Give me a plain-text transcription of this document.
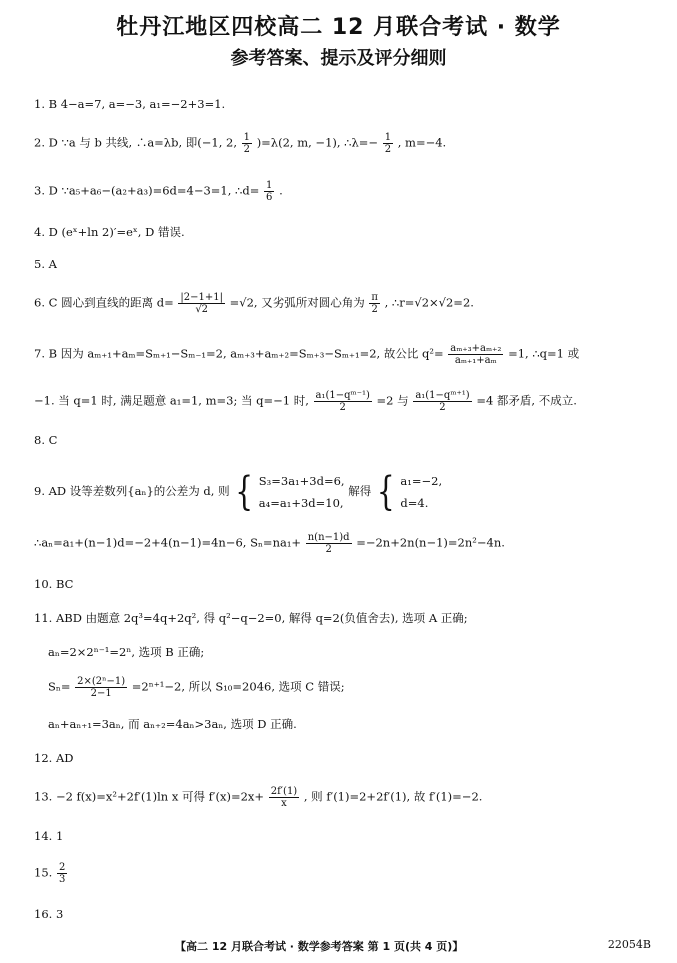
牡丹江地区四校高二 12 月联合考试 · 数学
参考答案、提示及评分细则
1. B 4−a=7, a=−3, a₁=−2+3=1.
2. D ∵a 与 b 共线, ∴a=λb, 即(−1, 2, $\frac{1}{2} )=\lambda(2$, m, −1), ∴λ=− $\frac{1}{2}$ , m=−4.
3. D ∵a₅+a₆−(a₂+a₃)=6d=4−3=1, ∴d= $\frac{1}{6}$ .
4. D (eˣ+ln 2)′=eˣ, D 错误.
5. A
6. C 圆心到直线的距离 $d= \frac{|2-1+1|}{√2} =√2$, 又劣弧所对圆心角为 $\frac{\pi}{2}$ , ∴r=√2×√2=2.
7. B 因为 aₘ₊₁+aₘ=Sₘ₊₁−Sₘ₋₁=2, aₘ₊₃+aₘ₊₂=Sₘ₊₃−Sₘ₊₁=2, 故公比 $q^2= \frac{\text{aₘ₊₃+aₘ₊₂}}{\text{aₘ₊₁+aₘ}} =1$, ∴q=1 或
−1. 当 q=1 时, 满足题意 a₁=1, m=3; 当 q=−1 时, $\frac{\text{a₁(1−qᵐ⁻¹)}}{2} =2$ 与 $\frac{\text{a₁(1−qᵐ⁺¹)}}{2} =4$ 都矛盾, 不成立.
8. C
9. AD 设等差数列{aₙ}的公差为 d, 则 { S₃=3a₁+3d=6,
a₄=a₁+3d=10,
解得 { a₁=−2,
d=4.
∴aₙ=a₁+(n−1)d=−2+4(n−1)=4n−6, $S_n=na_1+ \frac{n(n-1)d}{2} =-2n+2n(n-1)=2n^2-4n$.
10. BC
11. ABD 由题意 2q³=4q+2q², 得 q²−q−2=0, 解得 q=2(负值舍去), 选项 A 正确;
aₙ=2×2ⁿ⁻¹=2ⁿ, 选项 B 正确;
$S_n= \frac{\text{2×(2ⁿ−1)}}{2-1} =2^{n+1}-2$, 所以 S₁₀=2046, 选项 C 错误;
aₙ+aₙ₊₁=3aₙ, 而 aₙ₊₂=4aₙ>3aₙ, 选项 D 正确.
12. AD
13. −2 f(x)=x²+2f′(1)ln x 可得 $f'(x)=2x+ \frac{2f'(1)}{x}$ , 则 f′(1)=2+2f′(1), 故 f′(1)=−2.
14. 1
15. $\frac{2}{3}$
16. 3
【高二 12 月联合考试 · 数学参考答案 第 1 页(共 4 页)】	22054B
